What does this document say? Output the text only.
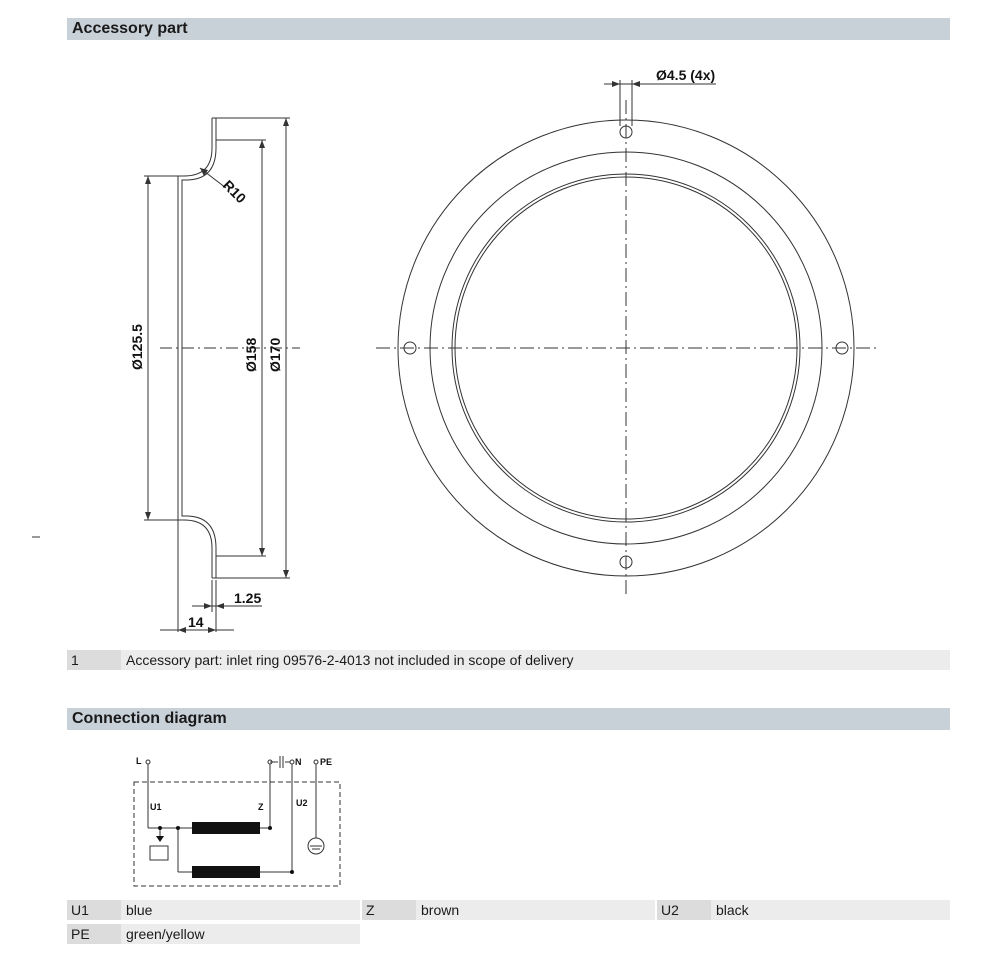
Accessory part
Ø4.5 (4x)
R10
Ø125.5	Ø158 Ø170
1.25
14
1	Accessory part: inlet ring 09576-2-4013 not included in scope of delivery
Connection diagram
L	N PE
U1	Z	U2
U1	blue	Z	brown	U2	black
PE	green/yellow
